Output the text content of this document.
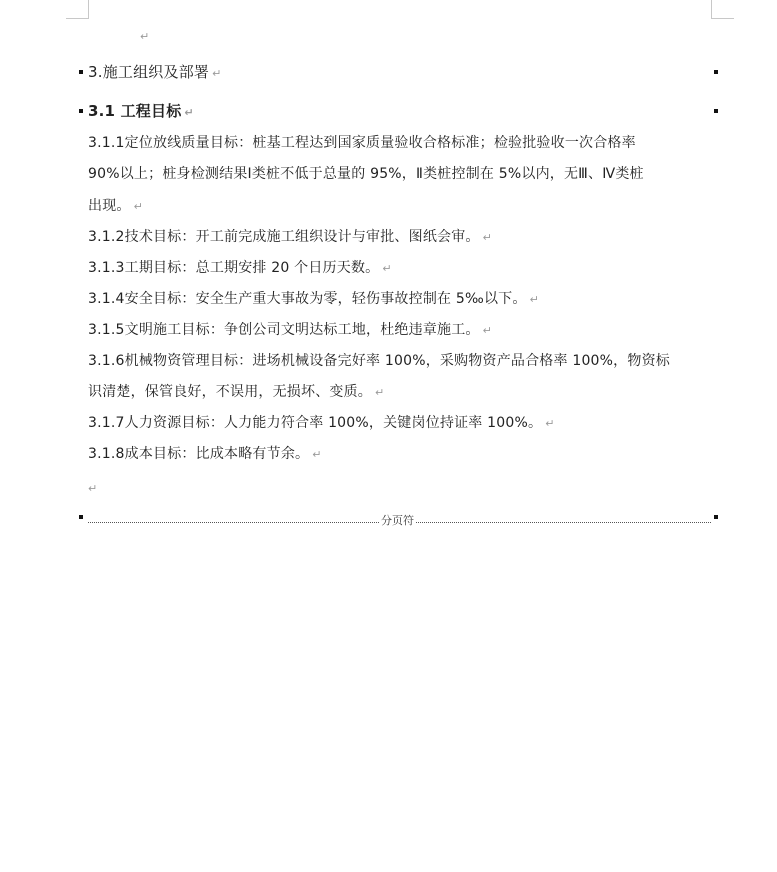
↵
3.施工组织及部署 ↵
3.1 工程目标 ↵
3.1.1定位放线质量目标：桩基工程达到国家质量验收合格标准；检验批验收一次合格率
90%以上；桩身检测结果Ⅰ类桩不低于总量的 95%，Ⅱ类桩控制在 5%以内，无Ⅲ、Ⅳ类桩
出现。 ↵
3.1.2技术目标：开工前完成施工组织设计与审批、图纸会审。 ↵
3.1.3工期目标：总工期安排 20 个日历天数。 ↵
3.1.4安全目标：安全生产重大事故为零，轻伤事故控制在 5‰以下。 ↵
3.1.5文明施工目标：争创公司文明达标工地，杜绝违章施工。 ↵
3.1.6机械物资管理目标：进场机械设备完好率 100%，采购物资产品合格率 100%，物资标
识清楚，保管良好，不误用，无损坏、变质。 ↵
3.1.7人力资源目标：人力能力符合率 100%，关键岗位持证率 100%。 ↵
3.1.8成本目标：比成本略有节余。 ↵
↵
分页符
